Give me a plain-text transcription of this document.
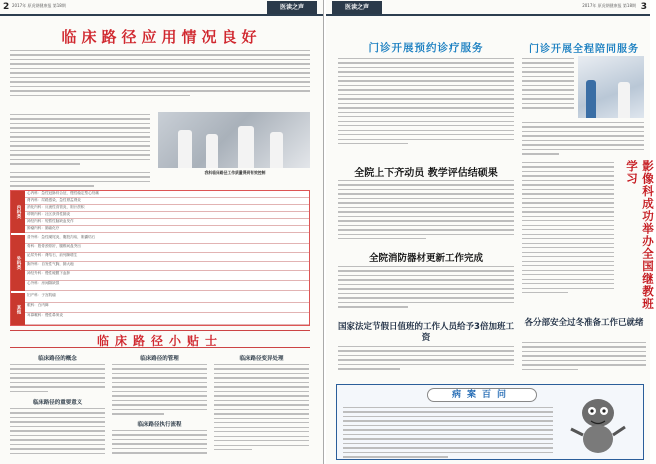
2 2017年 原虎钢健康报 第18期	医读之声
临床路径应用情况良好
我科临床路径工作质量得到有效控制
内科类
心内科：急性冠脉综合征，慢性稳定型心绞痛
肾内科：尿路感染，急性肾盂肾炎
消化内科：反流性食管炎，胆汁淤积
呼吸内科：社区获得性肺炎
神经内科：短暂性脑缺血发作
肿瘤内科：肺癌化疗
外科类
普外科：急性阑尾炎，腹股沟疝，胆囊结石
骨科：股骨颈骨折，腰椎间盘突出
泌尿外科：肾结石，前列腺增生
胸外科：自发性气胸，肺大疱
神经外科：慢性硬膜下血肿
心外科：房间隔缺损
其他
妇产科：子宫肌瘤
眼科：白内障
耳鼻喉科：慢性鼻窦炎
临床路径小贴士
临床路径的概念	临床路径的管理	临床路径变异处理
临床路径的重要意义
临床路径执行流程
医读之声	2017年 原虎钢健康报 第18期 3
门诊开展预约诊疗服务	门诊开展全程陪同服务
全院上下齐动员 教学评估结硕果
全院消防器材更新工作完成
国家法定节假日值班的工作人员给予3倍加班工资
影像科成功举办全国继教班学习
各分部安全过冬准备工作已就绪
病案百问
